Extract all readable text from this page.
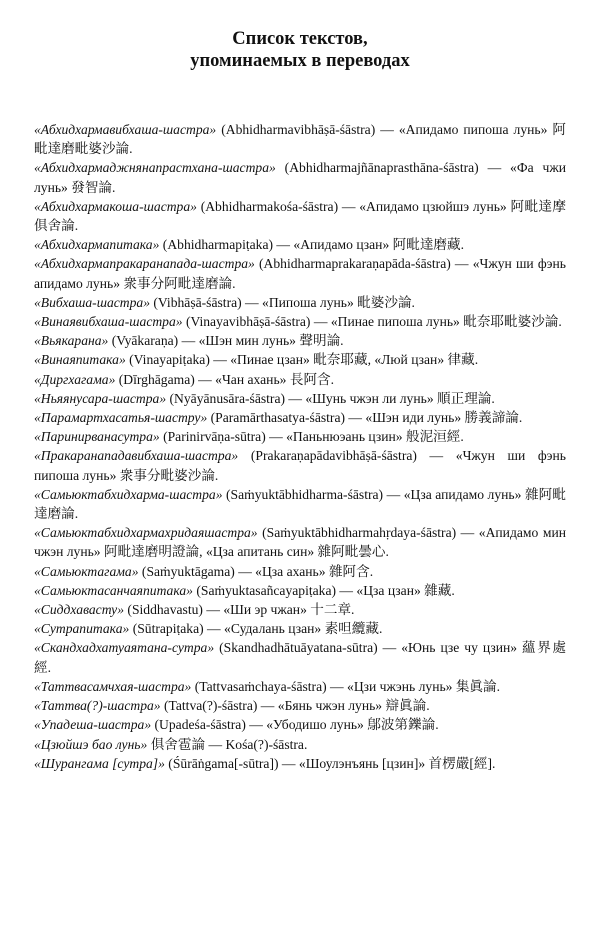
Список текстов,
упоминаемых в переводах
«Абхидхармавибхаша-шастра» (Abhidharmavibhāṣā-śāstra) — «Апидамо пипоша лунь» 阿毗達磨毗婆沙論.
«Абхидхармаджнянапрастхана-шастра» (Abhidharmajñānaprasthāna-śāstra) — «Фа чжи лунь» 發智論.
«Абхидхармакоша-шастра» (Abhidharmakośa-śāstra) — «Апидамо цзюйшэ лунь» 阿毗達摩俱舍論.
«Абхидхармапитака» (Abhidharmapiṭaka) — «Апидамо цзан» 阿毗達磨藏.
«Абхидхармапракаранапада-шастра» (Abhidharmaprakaraṇapāda-śāstra) — «Чжун ши фэнь апидамо лунь» 衆事分阿毗達磨論.
«Вибхаша-шастра» (Vibhāṣā-śāstra) — «Пипоша лунь» 毗婆沙論.
«Винаявибхаша-шастра» (Vinayavibhāṣā-śāstra) — «Пинае пипоша лунь» 毗奈耶毗婆沙論.
«Вьякарана» (Vyākaraṇa) — «Шэн мин лунь» 聲明論.
«Винаяпитака» (Vinayapiṭaka) — «Пинае цзан» 毗奈耶藏, «Люй цзан» 律藏.
«Диргхагама» (Dīrghāgama) — «Чан ахань» 長阿含.
«Ньяянусара-шастра» (Nyāyānusāra-śāstra) — «Шунь чжэн ли лунь» 順正理論.
«Парамартхасатья-шастру» (Paramārthasatya-śāstra) — «Шэн иди лунь» 勝義諦論.
«Паринирванасутра» (Parinirvāṇa-sūtra) — «Паньнюэань цзин» 般泥洹經.
«Пракаранападавибхаша-шастра» (Prakaraṇapādavibhāṣā-śāstra) — «Чжун ши фэнь пипоша лунь» 衆事分毗婆沙論.
«Самьюктабхидхарма-шастра» (Saṁyuktābhidharma-śāstra) — «Цза апидамо лунь» 雜阿毗達磨論.
«Самьюктабхидхармахридаяшастра» (Saṁyuktābhidharmahṛdaya-śāstra) — «Апидамо мин чжэн лунь» 阿毗達磨明證論, «Цза апитань син» 雜阿毗曇心.
«Самьюктагама» (Saṁyuktāgama) — «Цза ахань» 雜阿含.
«Самьюктасанчаяпитака» (Saṁyuktasañcayapiṭaka) — «Цза цзан» 雜藏.
«Сиддхавасту» (Siddhavastu) — «Ши эр чжан» 十二章.
«Сутрапитака» (Sūtrapiṭaka) — «Судалань цзан» 素呾纜藏.
«Скандхадхатуаятана-сутра» (Skandhadhātuāyatana-sūtra) — «Юнь цзе чу цзин» 蘊界處經.
«Таттвасамчхая-шастра» (Tattvasaṁchaya-śāstra) — «Цзи чжэнь лунь» 集眞論.
«Таттва(?)-шастра» (Tattva(?)-śāstra) — «Бянь чжэн лунь» 辯眞論.
«Упадеша-шастра» (Upadeśa-śāstra) — «Убодишо лунь» 鄔波第鑠論.
«Цзюйшэ бао лунь» 俱舍雹論 — Kośa(?)-śāstra.
«Шурангама [сутра]» (Śūrāṅgama[-sūtra]) — «Шоулэнъянь [цзин]» 首楞嚴[經].
